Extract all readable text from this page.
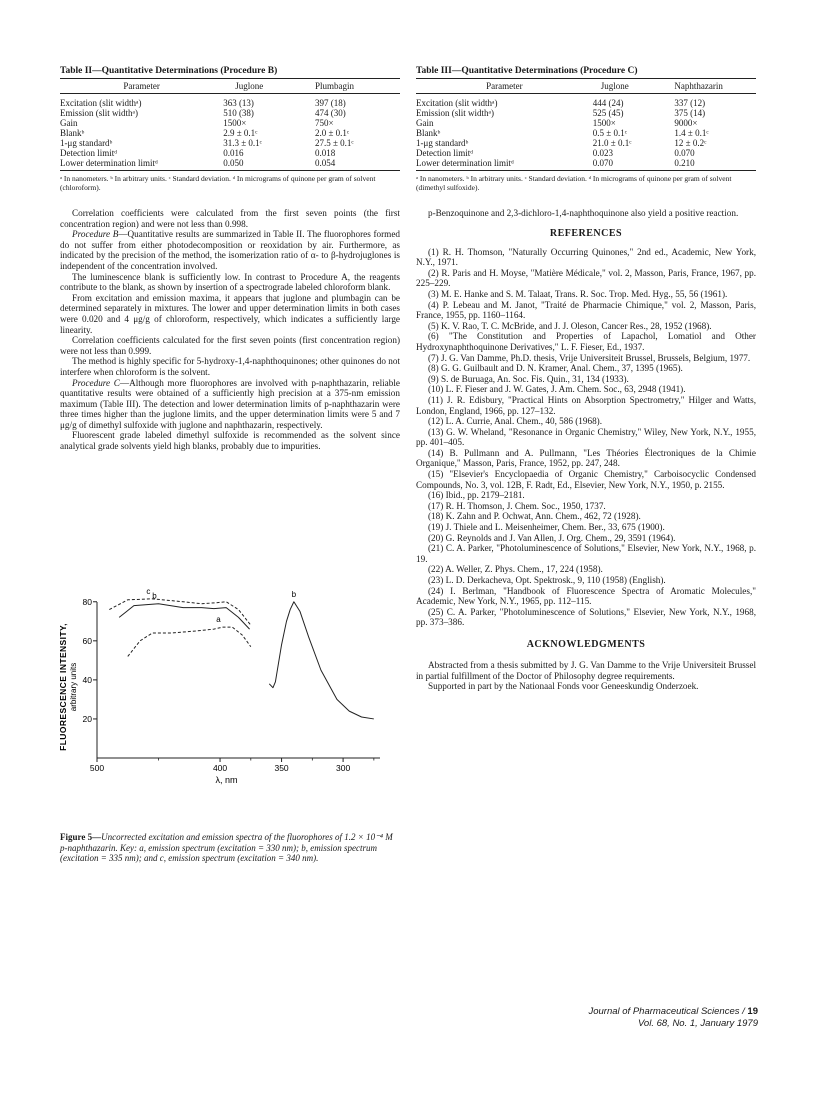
Table II—Quantitative Determinations (Procedure B)
Parameter	Juglone	Plumbagin
Excitation (slit widthᵃ)	363 (13)	397 (18)
Emission (slit widthᵃ)	510 (38)	474 (30)
Gain	1500×	750×
Blankᵇ	2.9 ± 0.1ᶜ	2.0 ± 0.1ᶜ
1-μg standardᵇ	31.3 ± 0.1ᶜ	27.5 ± 0.1ᶜ
Detection limitᵈ	0.016	0.018
Lower determination limitᵈ	0.050	0.054
ᵃ In nanometers. ᵇ In arbitrary units. ᶜ Standard deviation. ᵈ In micrograms of quinone per gram of solvent (chloroform).

Correlation coefficients were calculated from the first seven points (the first concentration region) and were not less than 0.998.

Procedure B—Quantitative results are summarized in Table II. The fluorophores formed do not suffer from either photodecomposition or reoxidation by air. Furthermore, as indicated by the precision of the method, the isomerization ratio of α- to β-hydrojuglones is independent of the concentration involved.

The luminescence blank is sufficiently low. In contrast to Procedure A, the reagents contribute to the blank, as shown by insertion of a spectrograde labeled chloroform blank.

From excitation and emission maxima, it appears that juglone and plumbagin can be determined separately in mixtures. The lower and upper determination limits in both cases were 0.020 and 4 μg/g of chloroform, respectively, which indicates a sufficiently large linearity.

Correlation coefficients calculated for the first seven points (first concentration region) were not less than 0.999.

The method is highly specific for 5-hydroxy-1,4-naphthoquinones; other quinones do not interfere when chloroform is the solvent.

Procedure C—Although more fluorophores are involved with p-naphthazarin, reliable quantitative results were obtained of a sufficiently high precision at a 375-nm emission maximum (Table III). The detection and lower determination limits of p-naphthazarin were three times higher than the juglone limits, and the upper determination limits were 5 and 7 μg/g of dimethyl sulfoxide with juglone and naphthazarin, respectively.

Fluorescent grade labeled dimethyl sulfoxide is recommended as the solvent since analytical grade solvents yield high blanks, probably due to impurities.

c
b
a
b
20
40
60
80
500	400	350	300
λ, nm
FLUORESCENCE INTENSITY, arbitrary units
Figure 5—Uncorrected excitation and emission spectra of the fluorophores of 1.2 × 10⁻⁴ M p-naphthazarin. Key: a, emission spectrum (excitation = 330 nm); b, emission spectrum (excitation = 335 nm); and c, emission spectrum (excitation = 340 nm).
Table III—Quantitative Determinations (Procedure C)
Parameter	Juglone	Naphthazarin
Excitation (slit widthᵃ)	444 (24)	337 (12)
Emission (slit widthᵃ)	525 (45)	375 (14)
Gain	1500×	9000×
Blankᵇ	0.5 ± 0.1ᶜ	1.4 ± 0.1ᶜ
1-μg standardᵇ	21.0 ± 0.1ᶜ	12 ± 0.2ᶜ
Detection limitᵈ	0.023	0.070
Lower determination limitᵈ	0.070	0.210
ᵃ In nanometers. ᵇ In arbitrary units. ᶜ Standard deviation. ᵈ In micrograms of quinone per gram of solvent (dimethyl sulfoxide).

p-Benzoquinone and 2,3-dichloro-1,4-naphthoquinone also yield a positive reaction.

REFERENCES
(1) R. H. Thomson, "Naturally Occurring Quinones," 2nd ed., Academic, New York, N.Y., 1971.
(2) R. Paris and H. Moyse, "Matière Médicale," vol. 2, Masson, Paris, France, 1967, pp. 225–229.
(3) M. E. Hanke and S. M. Talaat, Trans. R. Soc. Trop. Med. Hyg., 55, 56 (1961).
(4) P. Lebeau and M. Janot, "Traité de Pharmacie Chimique," vol. 2, Masson, Paris, France, 1955, pp. 1160–1164.
(5) K. V. Rao, T. C. McBride, and J. J. Oleson, Cancer Res., 28, 1952 (1968).
(6) "The Constitution and Properties of Lapachol, Lomatiol and Other Hydroxynaphthoquinone Derivatives," L. F. Fieser, Ed., 1937.
(7) J. G. Van Damme, Ph.D. thesis, Vrije Universiteit Brussel, Brussels, Belgium, 1977.
(8) G. G. Guilbault and D. N. Kramer, Anal. Chem., 37, 1395 (1965).
(9) S. de Buruaga, An. Soc. Fis. Quin., 31, 134 (1933).
(10) L. F. Fieser and J. W. Gates, J. Am. Chem. Soc., 63, 2948 (1941).
(11) J. R. Edisbury, "Practical Hints on Absorption Spectrometry," Hilger and Watts, London, England, 1966, pp. 127–132.
(12) L. A. Currie, Anal. Chem., 40, 586 (1968).
(13) G. W. Wheland, "Resonance in Organic Chemistry," Wiley, New York, N.Y., 1955, pp. 401–405.
(14) B. Pullmann and A. Pullmann, "Les Théories Électroniques de la Chimie Organique," Masson, Paris, France, 1952, pp. 247, 248.
(15) "Elsevier's Encyclopaedia of Organic Chemistry," Carboisocyclic Condensed Compounds, No. 3, vol. 12B, F. Radt, Ed., Elsevier, New York, N.Y., 1950, p. 2155.
(16) Ibid., pp. 2179–2181.
(17) R. H. Thomson, J. Chem. Soc., 1950, 1737.
(18) K. Zahn and P. Ochwat, Ann. Chem., 462, 72 (1928).
(19) J. Thiele and L. Meisenheimer, Chem. Ber., 33, 675 (1900).
(20) G. Reynolds and J. Van Allen, J. Org. Chem., 29, 3591 (1964).
(21) C. A. Parker, "Photoluminescence of Solutions," Elsevier, New York, N.Y., 1968, p. 19.
(22) A. Weller, Z. Phys. Chem., 17, 224 (1958).
(23) L. D. Derkacheva, Opt. Spektrosk., 9, 110 (1958) (English).
(24) I. Berlman, "Handbook of Fluorescence Spectra of Aromatic Molecules," Academic, New York, N.Y., 1965, pp. 112–115.
(25) C. A. Parker, "Photoluminescence of Solutions," Elsevier, New York, N.Y., 1968, pp. 373–386.
ACKNOWLEDGMENTS

Abstracted from a thesis submitted by J. G. Van Damme to the Vrije Universiteit Brussel in partial fulfillment of the Doctor of Philosophy degree requirements.

Supported in part by the Nationaal Fonds voor Geneeskundig Onderzoek.

Journal of Pharmaceutical Sciences / 19
Vol. 68, No. 1, January 1979
